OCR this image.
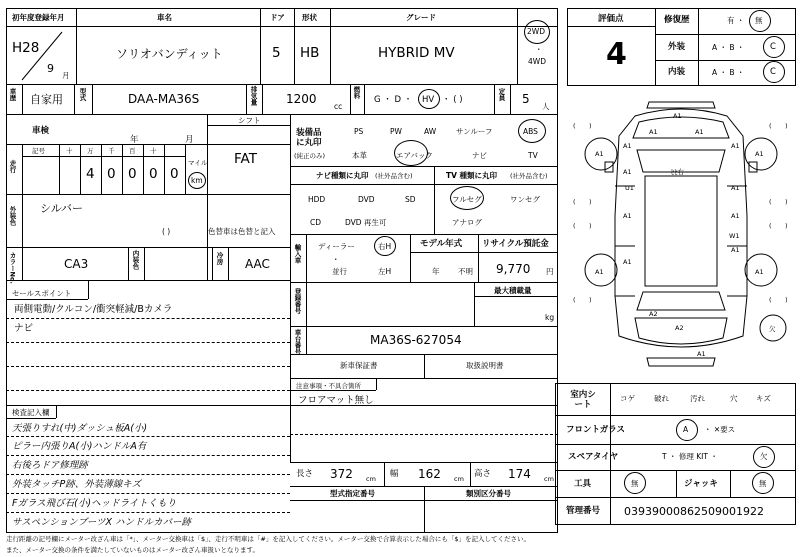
初年度登録年月	車名	ドア 形状	グレード
H28
9
月
ソリオバンディット	5 HB	HYBRID MV
2WD
・
4WD
車歴 自家用 型式	DAA-MA36S	排気量 1200
cc
燃料
G ・ D ・ HV ・ ( )	定員 5
人
車検
年	月
シフト
FAT
走行
記号	十 万 千 百 十
4 0 0 0 0
マイル
km
外装色 シルバー
( )	色替車は色替と記入
カラーNo.	CA3	内装色	冷房 AAC
セールスポイント
両側電動/クルコン/衝突軽減/Bカメラ
ナビ
検査記入欄
天張りすれ(中)ダッシュ板A(小)
ピラー内張りA(小)ハンドルA有
右後ろドア修理跡
外装タッチP跡、外装薄線キズ
Fガラス飛び石(小)ヘッドライトくもり
サスペンションブーツX ハンドルカバー跡
装備品に丸印
(純正のみ)
PS	PW	AW	サンルーフ	ABS
本革	エアバック	ナビ	TV
ナビ種類に丸印 (社外品含む)	TV 種類に丸印 (社外品含む)
HDD	DVD	SD
CD	DVD 再生可
フルセグ	ワンセグ
アナログ
輸入車 ディーラー
・
並行
右H
左H
モデル年式
年 不明
リサイクル預託金
9,770 円
登録番号	最大積載量
kg
車台番号	MA36S-627054
新車保証書	取扱説明書
注意事項・不具合箇所
フロアマット無し
長さ 372 cm 幅 162 cm 高さ 174 cm
型式指定番号	類別区分番号
評価点
4
修復歴	有 ・ 無
外装	A ・ B ・	C
内装	A ・ B ・	C
A1
A1	A1
A1	A1
A1	A1
A1
U1	A1
A1	A1
W1
A1
A1
A1	A1
A2
A2
A1
ﾋﾋ右
欠
( )	( )
( )	( )
( )	( )
( )	( )
室内シート
コゲ	破れ	汚れ	穴 キズ
フロントガラス	A ・ ✕要ス
スペアタイヤ	T ・ 修理 KIT ・	欠
工具	無	ジャッキ	無
管理番号 0393900086250900192​2
走行距離の記号欄にメーター改ざん車は「*」、メーター交換車は「$」、走行不明車は「#」を記入してください。メーター交換で合算表示した場合にも「$」を記入してください。
また、メーター交換の条件を満たしていないものはメーター改ざん車扱いとなります。
